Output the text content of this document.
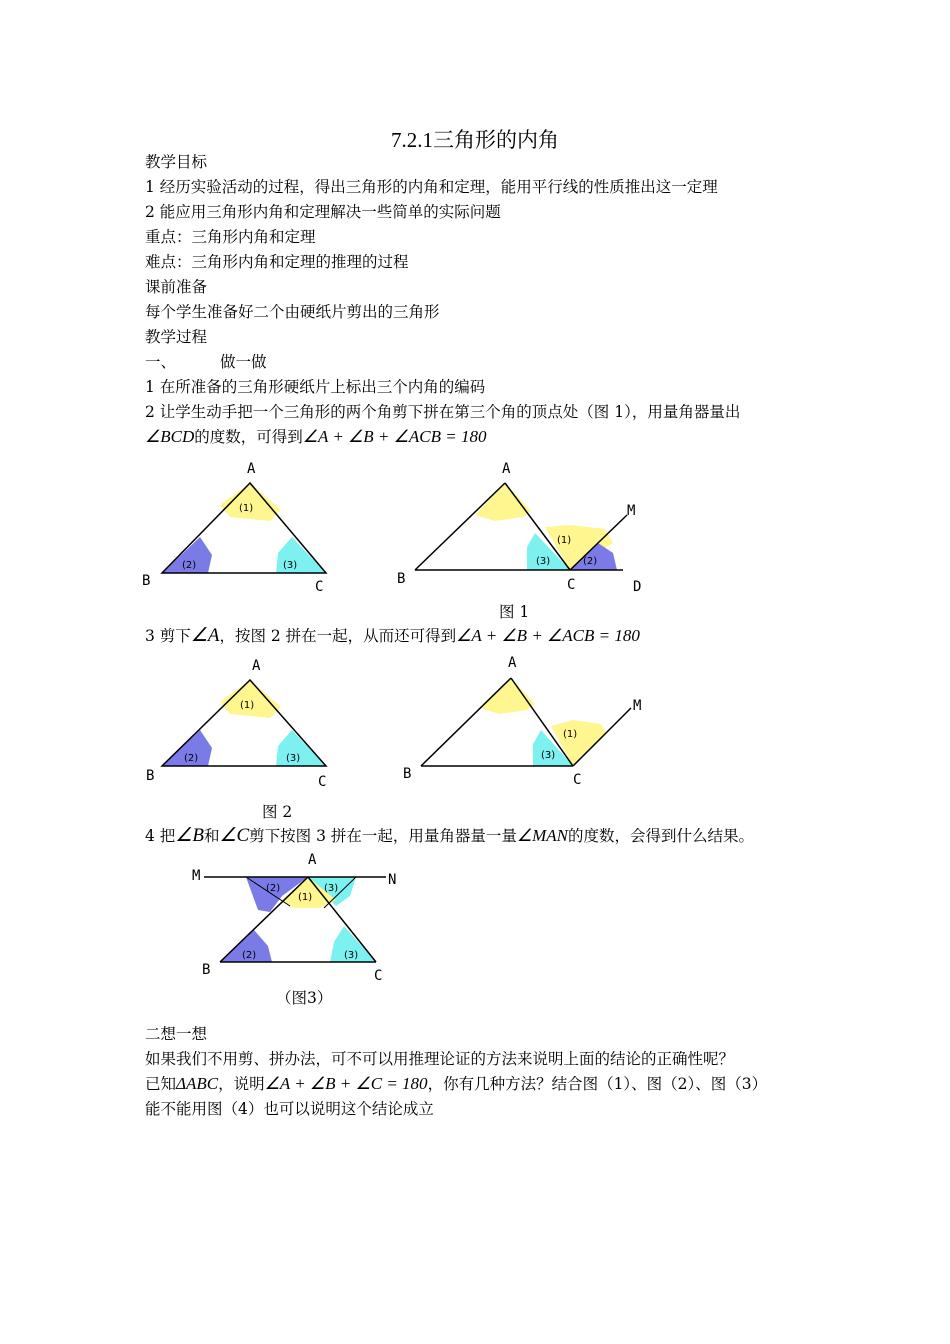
7.2.1三角形的内角
教学目标
1 经历实验活动的过程，得出三角形的内角和定理，能用平行线的性质推出这一定理
2 能应用三角形内角和定理解决一些简单的实际问题
重点：三角形内角和定理
难点：三角形内角和定理的推理的过程
课前准备
每个学生准备好二个由硬纸片剪出的三角形
教学过程
一、	做一做
1 在所准备的三角形硬纸片上标出三个内角的编码
2 让学生动手把一个三角形的两个角剪下拼在第三个角的顶点处（图 1），用量角器量出
∠BCD的度数，可得到∠A + ∠B + ∠ACB = 180
A
B	C
(1)
(2)	(3)
A
B	C	D
M
(1)
(3)	(2)
图 1
3 剪下∠A，按图 2 拼在一起，从而还可得到∠A + ∠B + ∠ACB = 180
A
B	C
(1)
(2)	(3)
A
B	C
M
(1)
(3)
图 2
4 把∠B和∠C剪下按图 3 拼在一起，用量角器量一量∠MAN的度数，会得到什么结果。
A
M	N
B	C
(2)	(3)
(1)
(2)	(3)
（图3）
二想一想
如果我们不用剪、拼办法，可不可以用推理论证的方法来说明上面的结论的正确性呢？
已知ΔABC，说明∠A + ∠B + ∠C = 180，你有几种方法？结合图（1）、图（2）、图（3）
能不能用图（4）也可以说明这个结论成立
